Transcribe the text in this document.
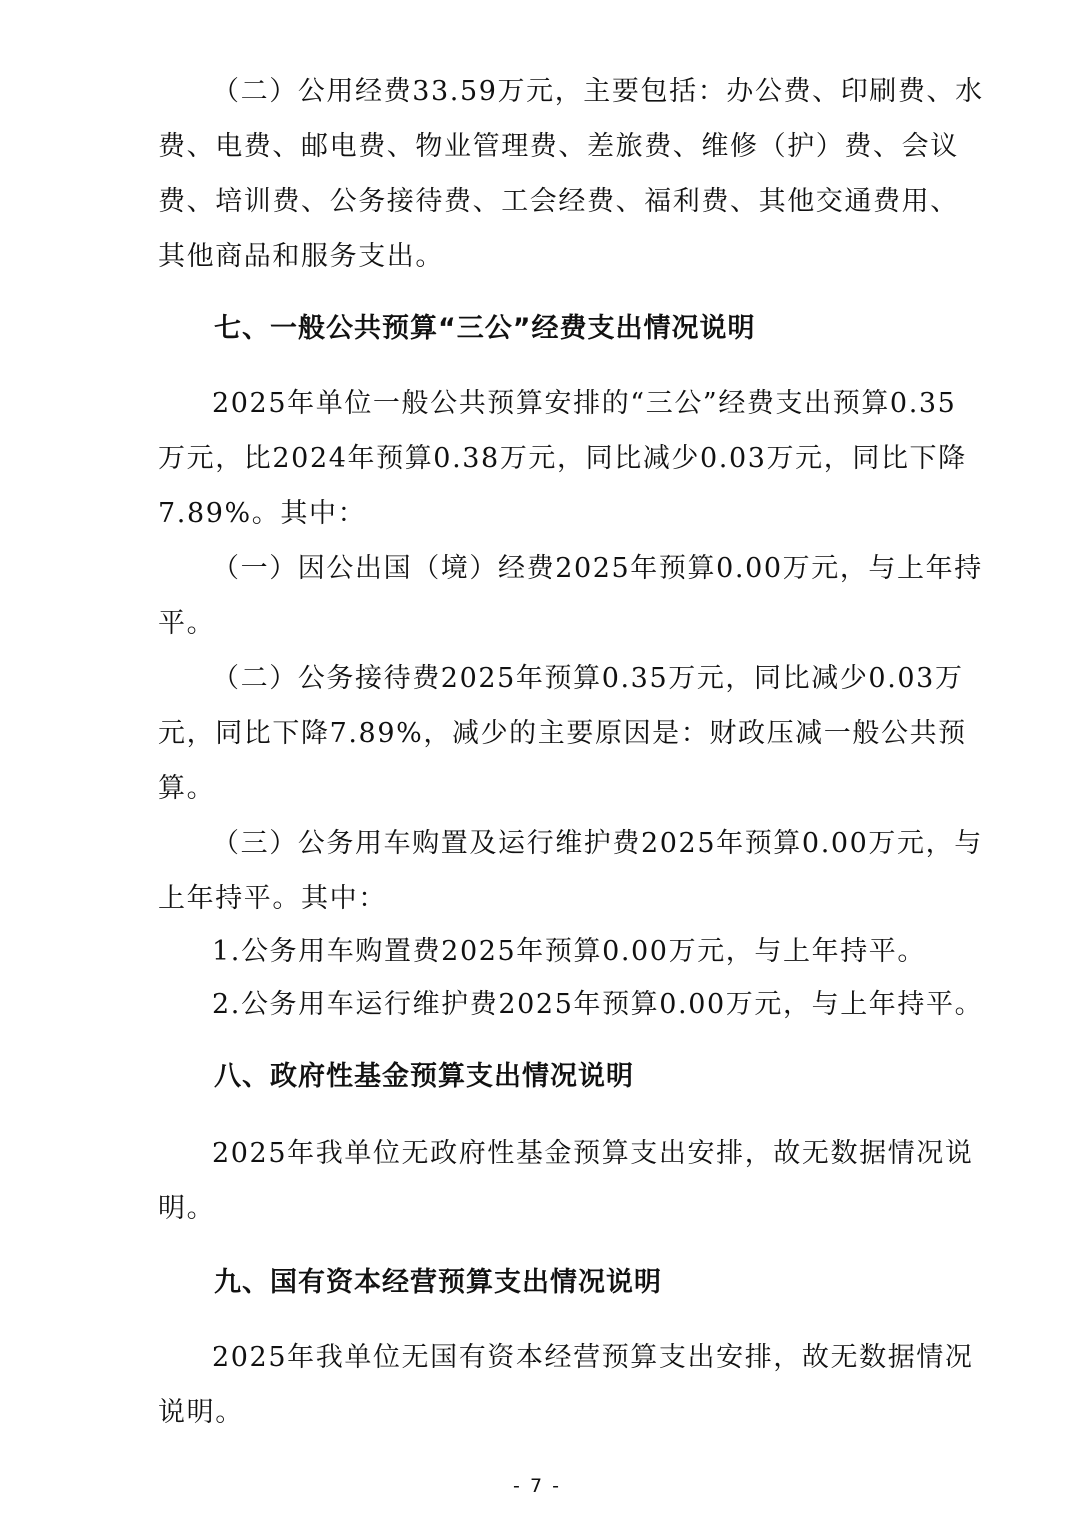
（二）公用经费33.59万元，主要包括：办公费、印刷费、水
费、电费、邮电费、物业管理费、差旅费、维修（护）费、会议
费、培训费、公务接待费、工会经费、福利费、其他交通费用、
其他商品和服务支出。
七、一般公共预算“三公”经费支出情况说明
2025年单位一般公共预算安排的“三公”经费支出预算0.35
万元，比2024年预算0.38万元，同比减少0.03万元，同比下降
7.89%。其中：
（一）因公出国（境）经费2025年预算0.00万元，与上年持
平。
（二）公务接待费2025年预算0.35万元，同比减少0.03万
元，同比下降7.89%，减少的主要原因是：财政压减一般公共预
算。
（三）公务用车购置及运行维护费2025年预算0.00万元，与
上年持平。其中：
1.公务用车购置费2025年预算0.00万元，与上年持平。
2.公务用车运行维护费2025年预算0.00万元，与上年持平。
八、政府性基金预算支出情况说明
2025年我单位无政府性基金预算支出安排，故无数据情况说
明。
九、国有资本经营预算支出情况说明
2025年我单位无国有资本经营预算支出安排，故无数据情况
说明。
- 7 -
